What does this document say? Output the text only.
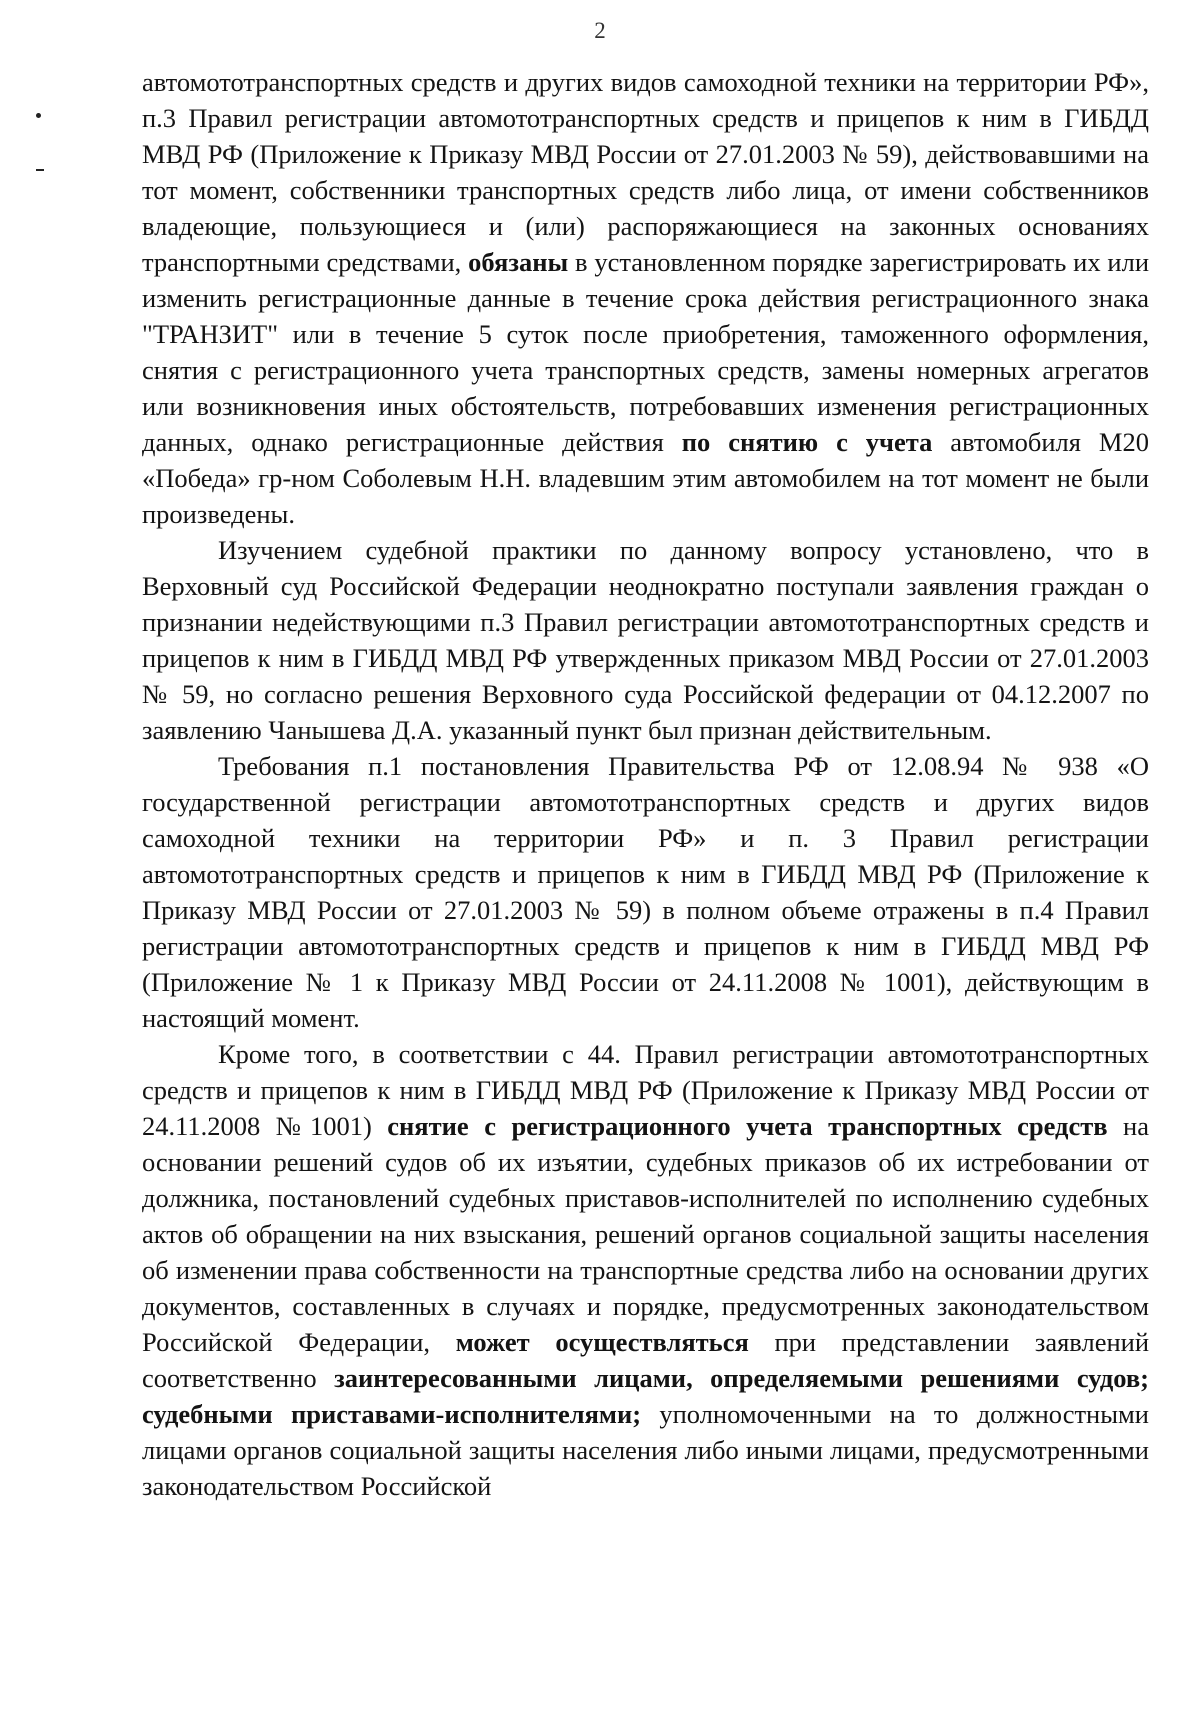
2

автомототранспортных средств и других видов самоходной техники на территории РФ», п.3 Правил регистрации автомототранспортных средств и прицепов к ним в ГИБДД МВД РФ (Приложение к Приказу МВД России от 27.01.2003 № 59), действовавшими на тот момент, собственники транспортных средств либо лица, от имени собственников владеющие, пользующиеся и (или) распоряжающиеся на законных основаниях транспортными средствами, обязаны в установленном порядке зарегистрировать их или изменить регистрационные данные в течение срока действия регистрационного знака "ТРАНЗИТ" или в течение 5 суток после приобретения, таможенного оформления, снятия с регистрационного учета транспортных средств, замены номерных агрегатов или возникновения иных обстоятельств, потребовавших изменения регистрационных данных, однако регистрационные действия по снятию с учета автомобиля М20 «Победа» гр-ном Соболевым Н.Н. владевшим этим автомобилем на тот момент не были произведены.

Изучением судебной практики по данному вопросу установлено, что в Верховный суд Российской Федерации неоднократно поступали заявления граждан о признании недействующими п.3 Правил регистрации автомототранспортных средств и прицепов к ним в ГИБДД МВД РФ утвержденных приказом МВД России от 27.01.2003 № 59, но согласно решения Верховного суда Российской федерации от 04.12.2007 по заявлению Чанышева Д.А. указанный пункт был признан действительным.

Требования п.1 постановления Правительства РФ от 12.08.94 № 938 «О государственной регистрации автомототранспортных средств и других видов самоходной техники на территории РФ» и п. 3 Правил регистрации автомототранспортных средств и прицепов к ним в ГИБДД МВД РФ (Приложение к Приказу МВД России от 27.01.2003 № 59) в полном объеме отражены в п.4 Правил регистрации автомототранспортных средств и прицепов к ним в ГИБДД МВД РФ (Приложение № 1 к Приказу МВД России от 24.11.2008 № 1001), действующим в настоящий момент.

Кроме того, в соответствии с 44. Правил регистрации автомототранспортных средств и прицепов к ним в ГИБДД МВД РФ (Приложение к Приказу МВД России от 24.11.2008 №1001) снятие с регистрационного учета транспортных средств на основании решений судов об их изъятии, судебных приказов об их истребовании от должника, постановлений судебных приставов-исполнителей по исполнению судебных актов об обращении на них взыскания, решений органов социальной защиты населения об изменении права собственности на транспортные средства либо на основании других документов, составленных в случаях и порядке, предусмотренных законодательством Российской Федерации, может осуществляться при представлении заявлений соответственно заинтересованными лицами, определяемыми решениями судов; судебными приставами-исполнителями; уполномоченными на то должностными лицами органов социальной защиты населения либо иными лицами, предусмотренными законодательством Российской
